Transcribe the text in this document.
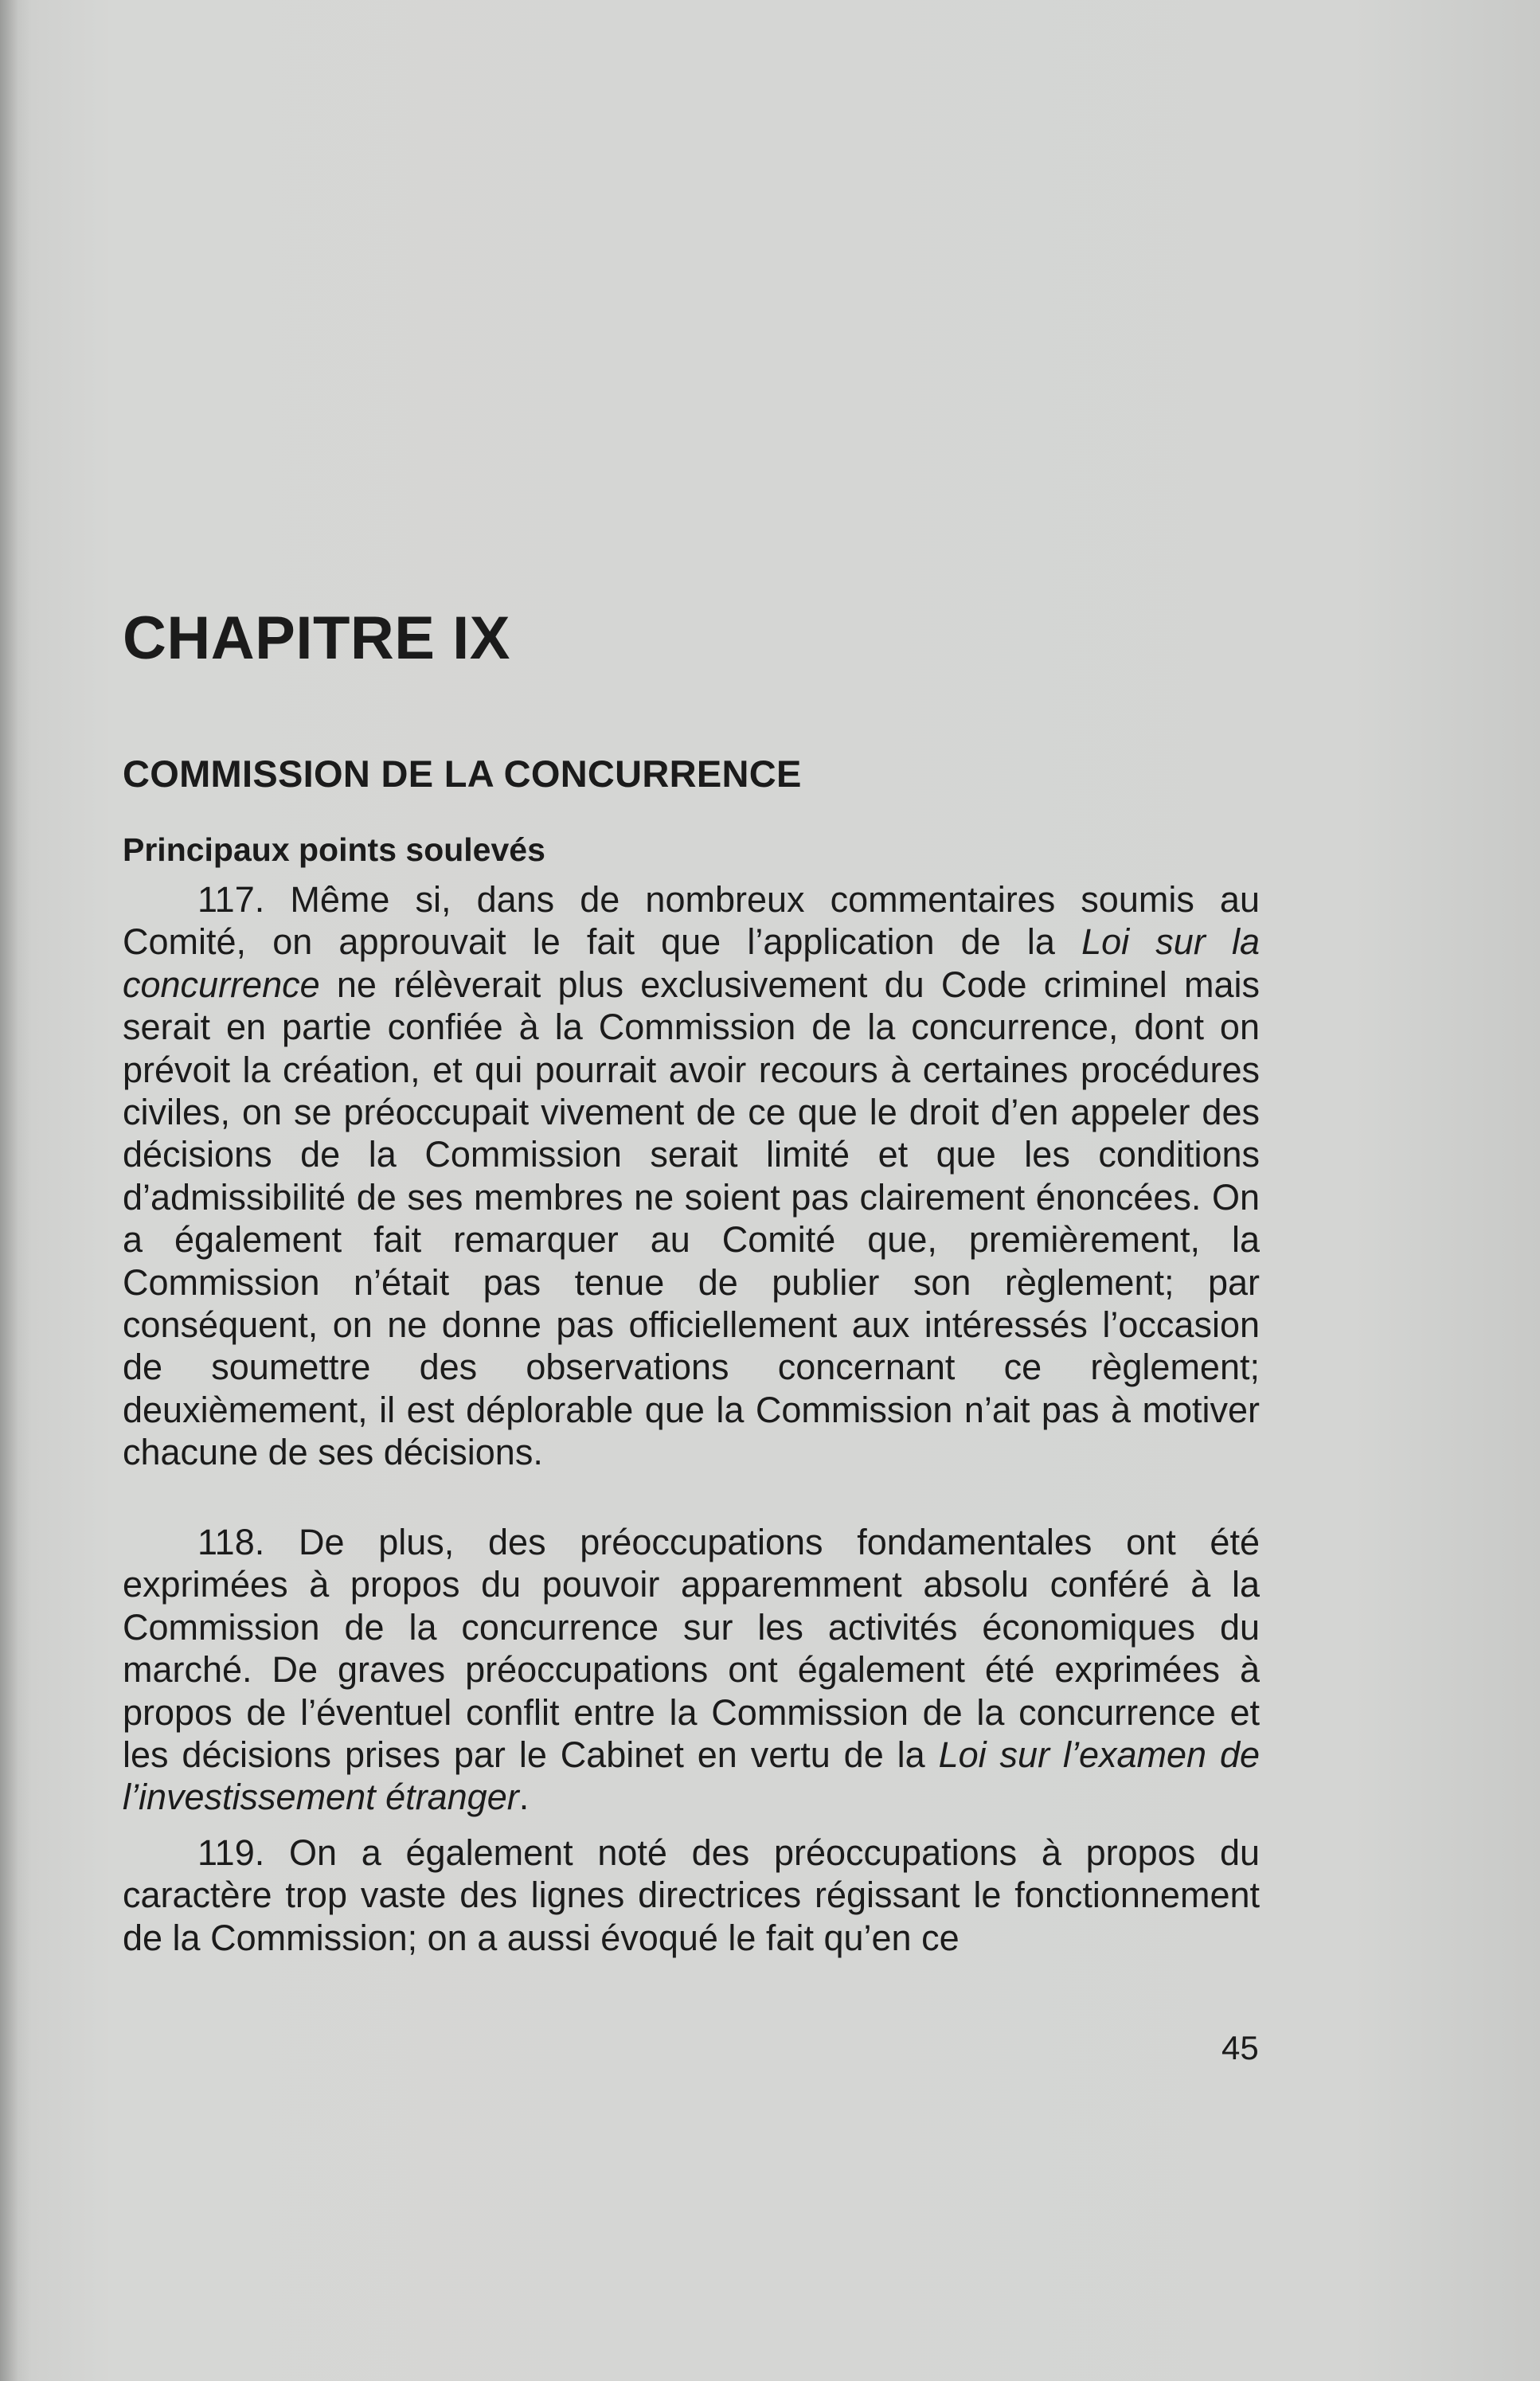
CHAPITRE IX
COMMISSION DE LA CONCURRENCE
Principaux points soulevés

117. Même si, dans de nombreux commentaires soumis au Comité, on approuvait le fait que l’application de la Loi sur la concurrence ne rélèverait plus exclusivement du Code criminel mais serait en partie confiée à la Commission de la concurrence, dont on prévoit la création, et qui pourrait avoir recours à certaines procédures civiles, on se préoccupait vivement de ce que le droit d’en appeler des décisions de la Commission serait limité et que les conditions d’admissibilité de ses membres ne soient pas clairement énoncées. On a également fait remarquer au Comité que, premièrement, la Commission n’était pas tenue de publier son règlement; par conséquent, on ne donne pas officiellement aux intéressés l’occasion de soumettre des observations concernant ce règlement; deuxièmement, il est déplorable que la Commission n’ait pas à motiver chacune de ses décisions.

118. De plus, des préoccupations fondamentales ont été exprimées à propos du pouvoir apparemment absolu conféré à la Commission de la concurrence sur les activités économiques du marché. De graves préoccupations ont également été exprimées à propos de l’éventuel conflit entre la Commission de la concurrence et les décisions prises par le Cabinet en vertu de la Loi sur l’examen de l’investissement étranger.

119. On a également noté des préoccupations à propos du caractère trop vaste des lignes directrices régissant le fonctionnement de la Commission; on a aussi évoqué le fait qu’en ce

45
